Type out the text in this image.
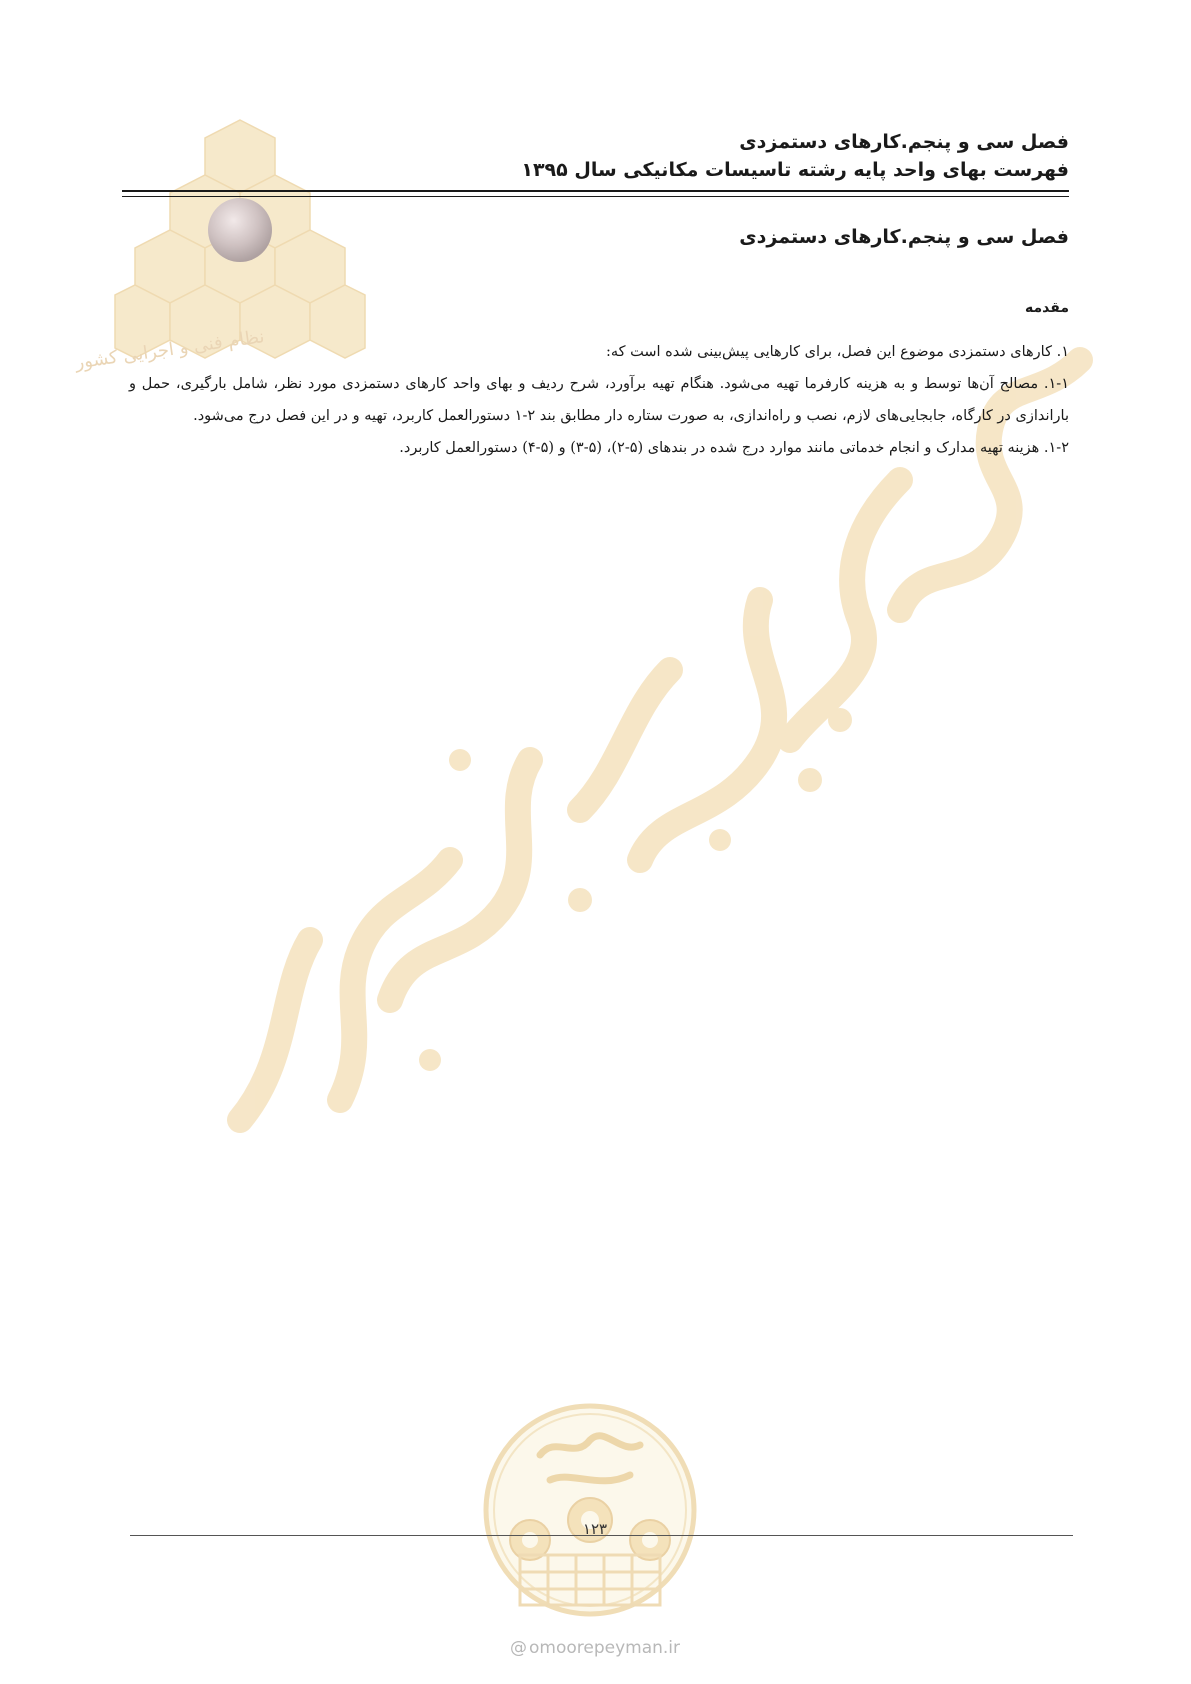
نظام فنی و اجرایی کشور
فصل سی و پنجم.کارهای دستمزدی
فهرست بهای واحد پایه رشته تاسیسات مکانیکی سال ۱۳۹۵
فصل سی و پنجم.کارهای دستمزدی
مقدمه

۱. کارهای دستمزدی موضوع این فصل، برای کارهایی پیش‌بینی شده است که:

۱-۱. مصالح آن‌ها توسط و به هزینه کارفرما تهیه می‌شود. هنگام تهیه برآورد، شرح ردیف و بهای واحد کارهای دستمزدی مورد نظر، شامل بارگیری، حمل و باراندازی در کارگاه، جابجایی‌های لازم، نصب و راه‌اندازی، به صورت ستاره دار مطابق بند ۲-۱ دستورالعمل کاربرد، تهیه و در این فصل درج می‌شود.

۱-۲. هزینه تهیه مدارک و انجام خدماتی مانند موارد درج شده در بندهای (۵-۲)، (۵-۳) و (۵-۴) دستورالعمل کاربرد.

۱۲۳
@ omoorepeyman.ir
